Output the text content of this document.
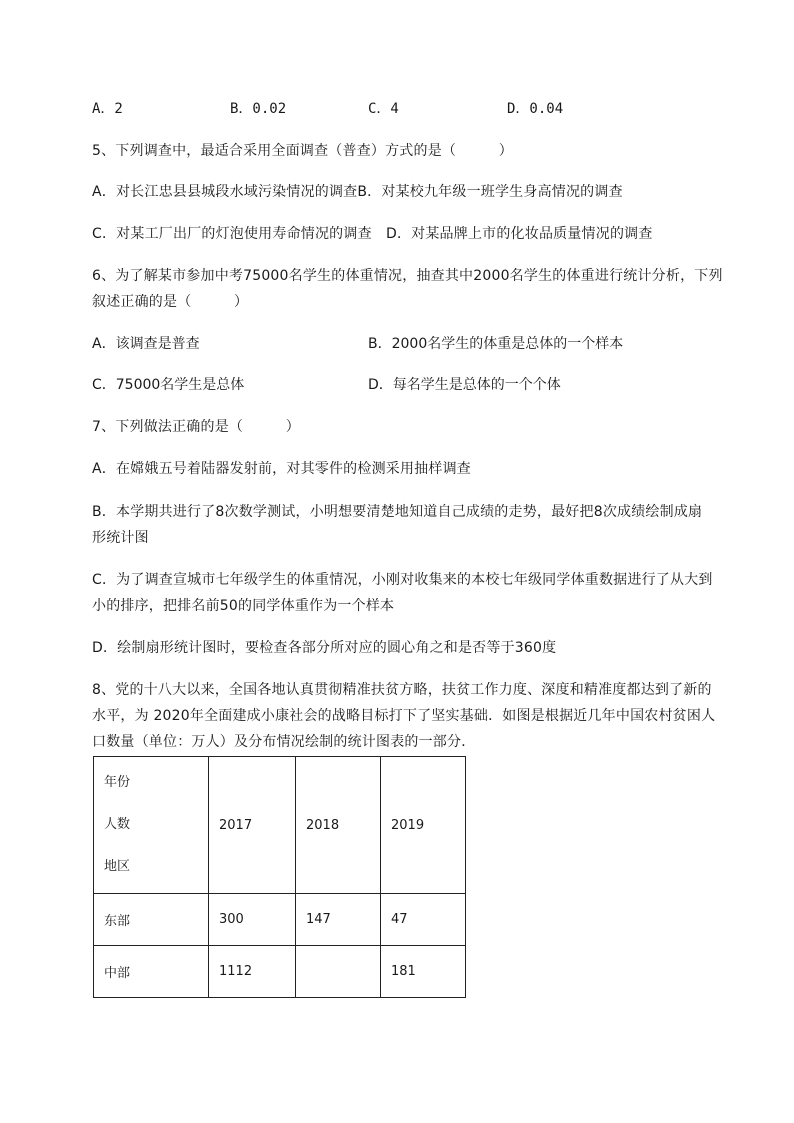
A．2	B．0.02	C．4	D．0.04
5、下列调查中，最适合采用全面调查（普查）方式的是（　　　）
A．对长江忠县县城段水域污染情况的调查B．对某校九年级一班学生身高情况的调查
C．对某工厂出厂的灯泡使用寿命情况的调查　D．对某品牌上市的化妆品质量情况的调查
6、为了解某市参加中考75000名学生的体重情况，抽查其中2000名学生的体重进行统计分析，下列
叙述正确的是（　　　）
A．该调查是普查	B．2000名学生的体重是总体的一个样本
C．75000名学生是总体	D．每名学生是总体的一个个体
7、下列做法正确的是（　　　）
A．在嫦娥五号着陆器发射前，对其零件的检测采用抽样调查
B．本学期共进行了8次数学测试，小明想要清楚地知道自己成绩的走势，最好把8次成绩绘制成扇
形统计图
C．为了调查宣城市七年级学生的体重情况，小刚对收集来的本校七年级同学体重数据进行了从大到
小的排序，把排名前50的同学体重作为一个样本
D．绘制扇形统计图时，要检查各部分所对应的圆心角之和是否等于360度
8、党的十八大以来，全国各地认真贯彻精准扶贫方略，扶贫工作力度、深度和精准度都达到了新的
水平，为 2020年全面建成小康社会的战略目标打下了坚实基础．如图是根据近几年中国农村贫困人
口数量（单位：万人）及分布情况绘制的统计图表的一部分．
年份
人数
地区	2017	2018	2019
东部	300	147	47
中部	1112		181
